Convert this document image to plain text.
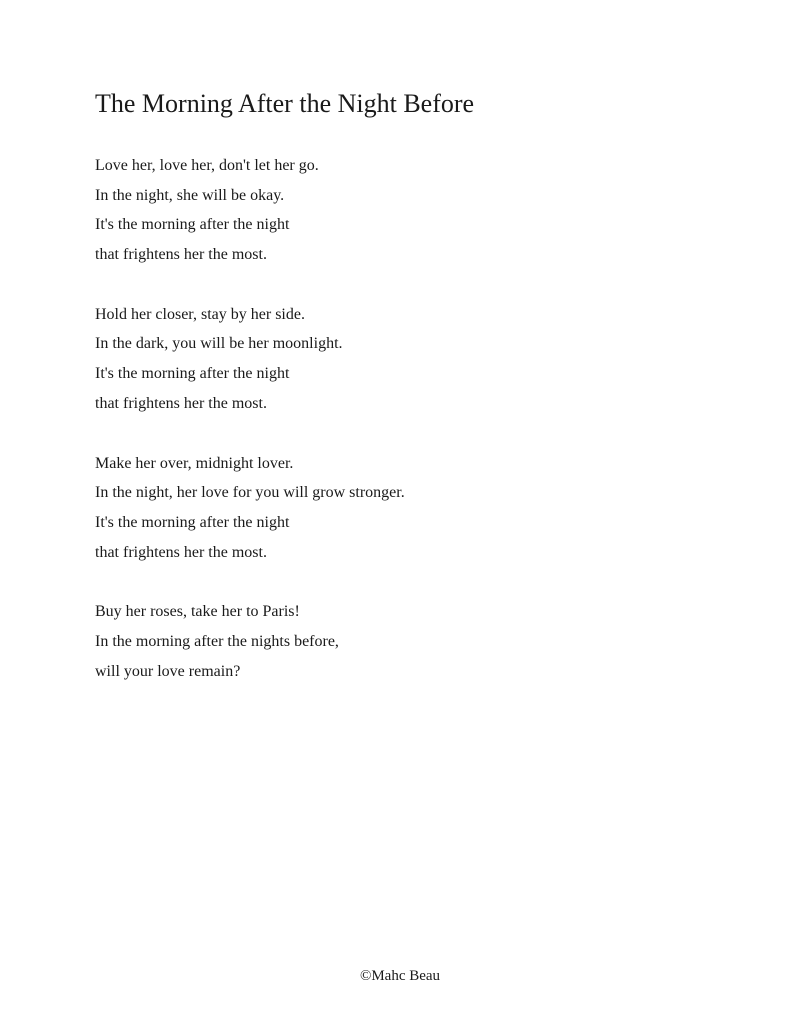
The Morning After the Night Before
Love her, love her, don't let her go.
In the night, she will be okay.
It's the morning after the night
that frightens her the most.
Hold her closer, stay by her side.
In the dark, you will be her moonlight.
It's the morning after the night
that frightens her the most.
Make her over, midnight lover.
In the night, her love for you will grow stronger.
It's the morning after the night
that frightens her the most.
Buy her roses, take her to Paris!
In the morning after the nights before,
will your love remain?
©Mahc Beau
